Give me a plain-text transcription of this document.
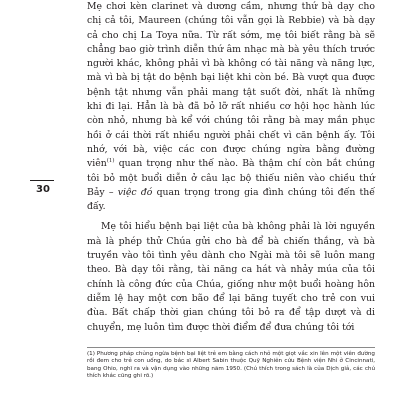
Mẹ chơi kèn clarinet và dương cầm, nhưng thứ bà dạy cho chị cả tôi, Maureen (chúng tôi vẫn gọi là Rebbie) và bà dạy cả cho chị La Toya nữa. Từ rất sớm, mẹ tôi biết rằng bà sẽ chẳng bao giờ trình diễn thứ âm nhạc mà bà yêu thích trước người khác, không phải vì bà không có tài năng và năng lực, mà vì bà bị tật do bệnh bại liệt khi còn bé. Bà vượt qua được bệnh tật nhưng vẫn phải mang tật suốt đời, nhất là những khi đi lại. Hẳn là bà đã bỏ lỡ rất nhiều cơ hội học hành lúc còn nhỏ, nhưng bà kể với chúng tôi rằng bà may mắn phục hồi ở cái thời rất nhiều người phải chết vì căn bệnh ấy. Tôi nhớ, với bà, việc các con được chúng ngừa bằng đường viên$^{(1)}$ quan trọng như thế nào. Bà thậm chí còn bắt chúng tôi bỏ một buổi diễn ở câu lạc bộ thiếu niên vào chiều thứ Bảy – việc đó quan trọng trong gia đình chúng tôi đến thế đấy.

Mẹ tôi hiểu bệnh bại liệt của bà không phải là lời nguyền mà là phép thử Chúa gửi cho bà để bà chiến thắng, và bà truyền vào tôi tình yêu dành cho Ngài mà tôi sẽ luôn mang theo. Bà dạy tôi rằng, tài năng ca hát và nhảy múa của tôi chính là công đức của Chúa, giống như một buổi hoàng hôn diễm lệ hay một cơn bão để lại băng tuyết cho trẻ con vui đùa. Bất chấp thời gian chúng tôi bỏ ra để tập dượt và di chuyển, mẹ luôn tìm được thời điểm để đưa chúng tôi tới

30

(1) Phương pháp chủng ngừa bệnh bại liệt trẻ em bằng cách nhỏ một giọt vắc xin lên một viên đường rồi đem cho trẻ con uống, do bác sĩ Albert Sabin thuộc Quỹ Nghiên cứu Bệnh viện Nhi ở Cincinnati, bang Ohio, nghĩ ra và vận dụng vào những năm 1950. (Chú thích trong sách là của Dịch giả, các chú thích khác cũng ghi rõ.)
